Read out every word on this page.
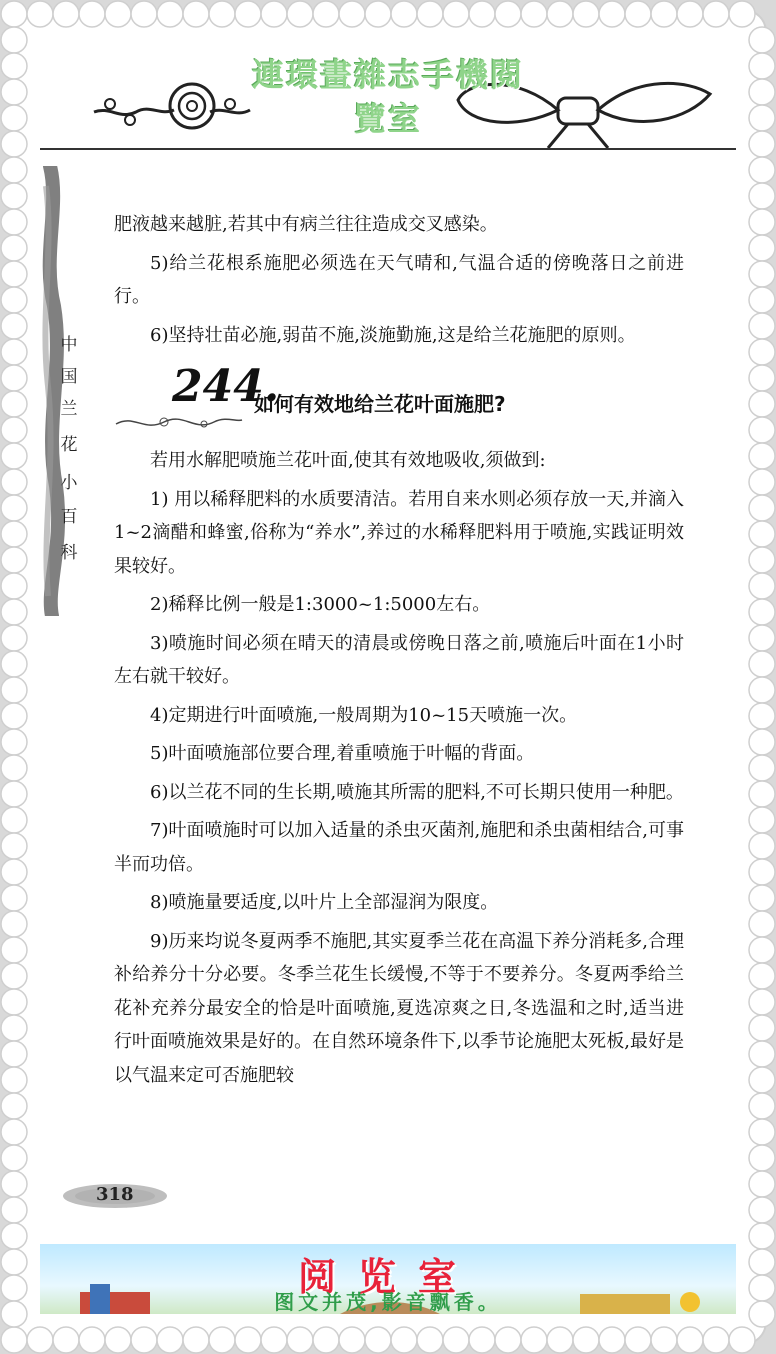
連環畫雜志手機閱
覽室
中
国
兰
花
小
百
科

肥液越来越脏,若其中有病兰往往造成交叉感染。

5)给兰花根系施肥必须选在天气晴和,气温合适的傍晚落日之前进行。

6)坚持壮苗必施,弱苗不施,淡施勤施,这是给兰花施肥的原则。

244.
如何有效地给兰花叶面施肥?

若用水解肥喷施兰花叶面,使其有效地吸收,须做到:

1) 用以稀释肥料的水质要清洁。若用自来水则必须存放一天,并滴入1~2滴醋和蜂蜜,俗称为“养水”,养过的水稀释肥料用于喷施,实践证明效果较好。

2)稀释比例一般是1:3000~1:5000左右。

3)喷施时间必须在晴天的清晨或傍晚日落之前,喷施后叶面在1小时左右就干较好。

4)定期进行叶面喷施,一般周期为10~15天喷施一次。

5)叶面喷施部位要合理,着重喷施于叶幅的背面。

6)以兰花不同的生长期,喷施其所需的肥料,不可长期只使用一种肥。

7)叶面喷施时可以加入适量的杀虫灭菌剂,施肥和杀虫菌相结合,可事半而功倍。

8)喷施量要适度,以叶片上全部湿润为限度。

9)历来均说冬夏两季不施肥,其实夏季兰花在高温下养分消耗多,合理补给养分十分必要。冬季兰花生长缓慢,不等于不要养分。冬夏两季给兰花补充养分最安全的恰是叶面喷施,夏选凉爽之日,冬选温和之时,适当进行叶面喷施效果是好的。在自然环境条件下,以季节论施肥太死板,最好是以气温来定可否施肥较

318
阅览室
图文并茂,影音飘香。
